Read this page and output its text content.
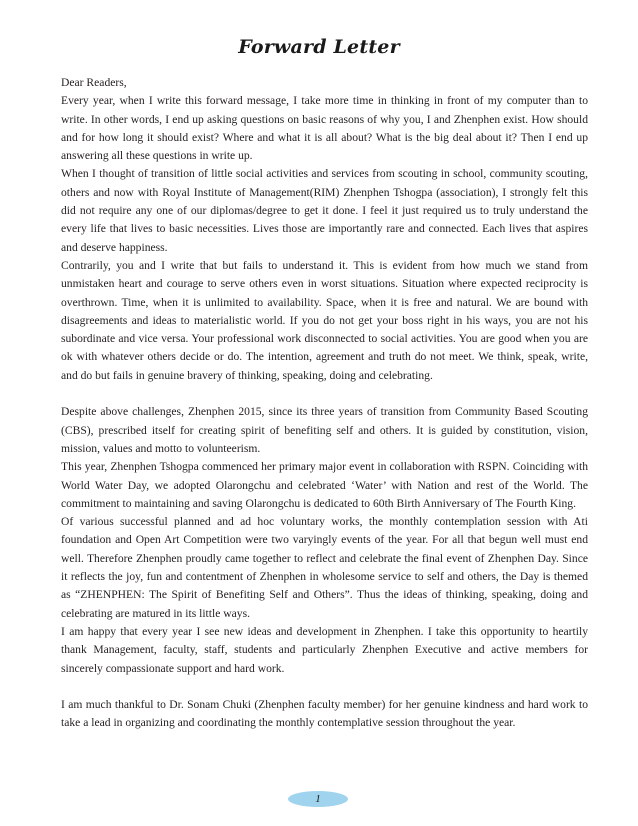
Forward Letter

Dear Readers,

Every year, when I write this forward message, I take more time in thinking in front of my computer than to write. In other words, I end up asking questions on basic reasons of why you, I and Zhenphen exist. How should and for how long it should exist? Where and what it is all about? What is the big deal about it? Then I end up answering all these questions in write up.

When I thought of transition of little social activities and services from scouting in school, community scouting, others and now with Royal Institute of Management(RIM) Zhenphen Tshogpa (association), I strongly felt this did not require any one of our diplomas/degree to get it done. I feel it just required us to truly understand the every life that lives to basic necessities. Lives those are importantly rare and connected. Each lives that aspires and deserve happiness.

Contrarily, you and I write that but fails to understand it. This is evident from how much we stand from unmistaken heart and courage to serve others even in worst situations. Situation where expected reciprocity is overthrown. Time, when it is unlimited to availability. Space, when it is free and natural. We are bound with disagreements and ideas to materialistic world. If you do not get your boss right in his ways, you are not his subordinate and vice versa. Your professional work disconnected to social activities. You are good when you are ok with whatever others decide or do. The intention, agreement and truth do not meet. We think, speak, write, and do but fails in genuine bravery of thinking, speaking, doing and celebrating.

Despite above challenges, Zhenphen 2015, since its three years of transition from Community Based Scouting (CBS), prescribed itself for creating spirit of benefiting self and others. It is guided by constitution, vision, mission, values and motto to volunteerism.

This year, Zhenphen Tshogpa commenced her primary major event in collaboration with RSPN. Coinciding with World Water Day, we adopted Olarongchu and celebrated ‘Water’ with Nation and rest of the World. The commitment to maintaining and saving Olarongchu is dedicated to 60th Birth Anniversary of The Fourth King.

Of various successful planned and ad hoc voluntary works, the monthly contemplation session with Ati foundation and Open Art Competition were two varyingly events of the year. For all that begun well must end well. Therefore Zhenphen proudly came together to reflect and celebrate the final event of Zhenphen Day. Since it reflects the joy, fun and contentment of Zhenphen in wholesome service to self and others, the Day is themed as “ZHENPHEN: The Spirit of Benefiting Self and Others”. Thus the ideas of thinking, speaking, doing and celebrating are matured in its little ways.

I am happy that every year I see new ideas and development in Zhenphen. I take this opportunity to heartily thank Management, faculty, staff, students and particularly Zhenphen Executive and active members for sincerely compassionate support and hard work.

I am much thankful to Dr. Sonam Chuki (Zhenphen faculty member) for her genuine kindness and hard work to take a lead in organizing and coordinating the monthly contemplative session throughout the year.

1
